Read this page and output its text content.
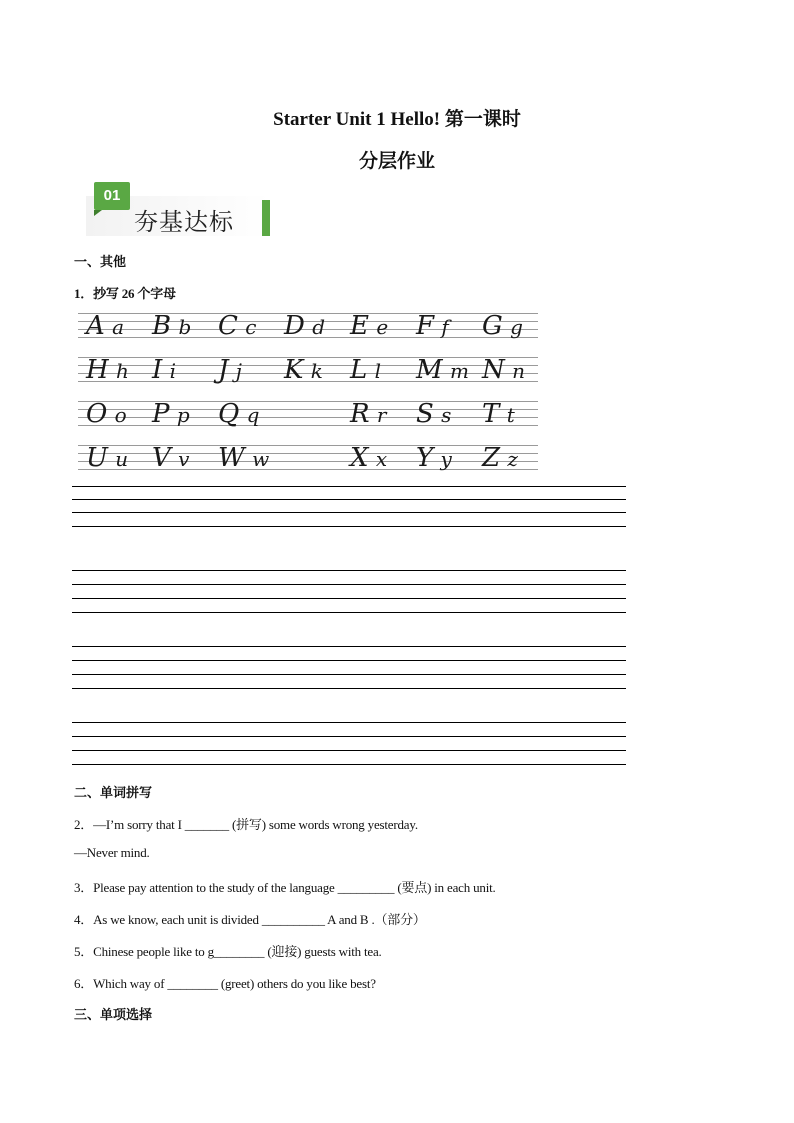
Starter Unit 1 Hello! 第一课时
分层作业
01
夯基达标
一、其他
1．抄写 26 个字母
A a B b C c D d E e F f G g
H h I i J j K k L l M m N n
O o P p Q q	R r S s T t
U u V v W w	X x Y y Z z
二、单词拼写
2．—I’m sorry that I _______ (拼写) some words wrong yesterday.
—Never mind.
3．Please pay attention to the study of the language _________ (要点) in each unit.
4．As we know, each unit is divided __________ A and B .（部分）
5．Chinese people like to g________ (迎接) guests with tea.
6．Which way of ________ (greet) others do you like best?
三、单项选择
